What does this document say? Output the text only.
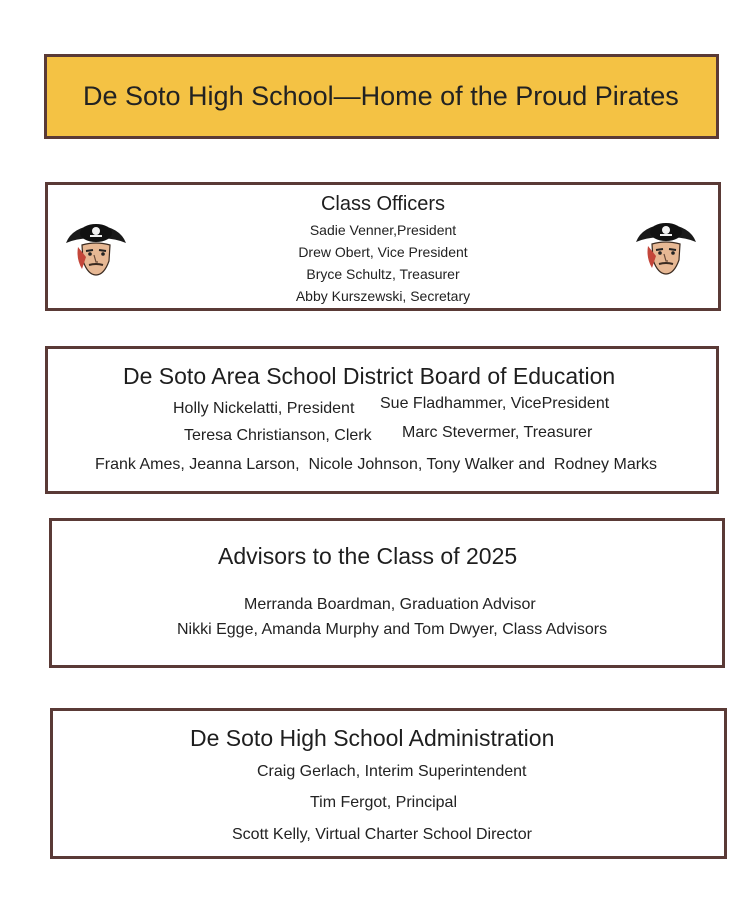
De Soto High School—Home of the Proud Pirates
Class Officers
Sadie Venner,President
Drew Obert, Vice President
Bryce Schultz, Treasurer
Abby Kurszewski, Secretary
De Soto Area School District Board of Education
Holly Nickelatti, President Sue Fladhammer, VicePresident
Teresa Christianson, Clerk Marc Stevermer, Treasurer
Frank Ames, Jeanna Larson,  Nicole Johnson, Tony Walker and  Rodney Marks
Advisors to the Class of 2025
Merranda Boardman, Graduation Advisor
Nikki Egge, Amanda Murphy and Tom Dwyer, Class Advisors
De Soto High School Administration
Craig Gerlach, Interim Superintendent
Tim Fergot, Principal
Scott Kelly, Virtual Charter School Director
